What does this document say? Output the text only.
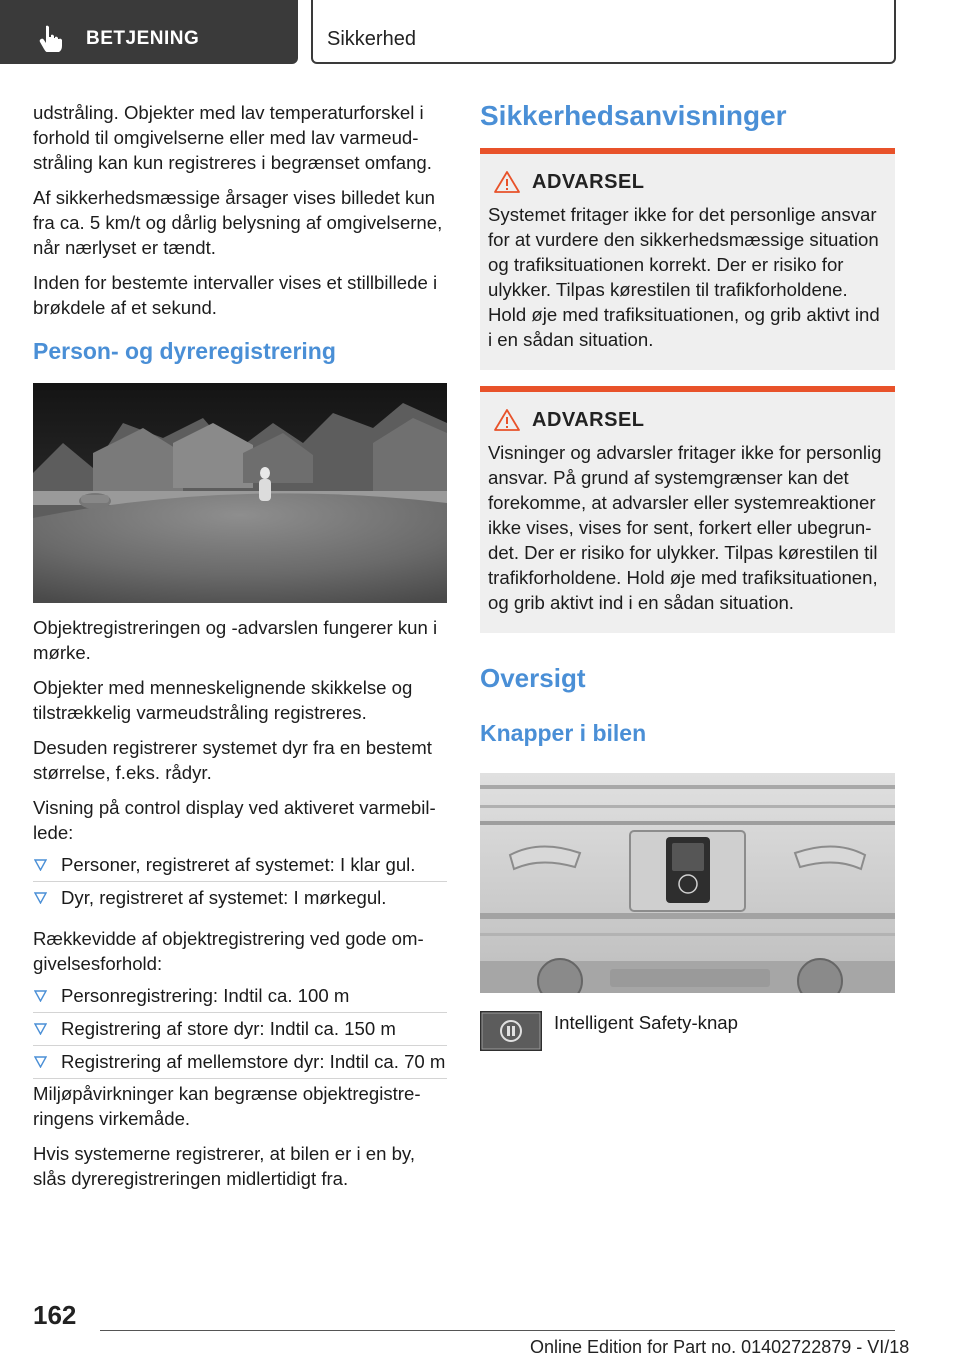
BETJENING	Sikkerhed

udstråling. Objekter med lav temperaturforskel i forhold til omgivelserne eller med lav varmeudstråling kan kun registreres i begrænset omfang.

Af sikkerhedsmæssige årsager vises billedet kun fra ca. 5 km/t og dårlig belysning af omgivelserne, når nærlyset er tændt.

Inden for bestemte intervaller vises et stillbillede i brøkdele af et sekund.

Person- og dyreregistrering

Objektregistreringen og -advarslen fungerer kun i mørke.

Objekter med menneskelignende skikkelse og tilstrækkelig varmeudstråling registreres.

Desuden registrerer systemet dyr fra en bestemt størrelse, f.eks. rådyr.

Visning på control display ved aktiveret varmebillede:

Personer, registreret af systemet: I klar gul.
Dyr, registreret af systemet: I mørkegul.

Rækkevidde af objektregistrering ved gode omgivelsesforhold:

Personregistrering: Indtil ca. 100 m
Registrering af store dyr: Indtil ca. 150 m
Registrering af mellemstore dyr: Indtil ca. 70 m

Miljøpåvirkninger kan begrænse objektregistreringens virkemåde.

Hvis systemerne registrerer, at bilen er i en by, slås dyreregistreringen midlertidigt fra.

Sikkerhedsanvisninger
ADVARSEL

Systemet fritager ikke for det personlige ansvar for at vurdere den sikkerhedsmæssige situation og trafiksituationen korrekt. Der er risiko for ulykker. Tilpas kørestilen til trafikforholdene. Hold øje med trafiksituationen, og grib aktivt ind i en sådan situation.

ADVARSEL

Visninger og advarsler fritager ikke for personlig ansvar. På grund af systemgrænser kan det forekomme, at advarsler eller systemreaktioner ikke vises, vises for sent, forkert eller ubegrundet. Der er risiko for ulykker. Tilpas kørestilen til trafikforholdene. Hold øje med trafiksituationen, og grib aktivt ind i en sådan situation.

Oversigt
Knapper i bilen
Intelligent Safety-knap
162
Online Edition for Part no. 01402722879 - VI/18
